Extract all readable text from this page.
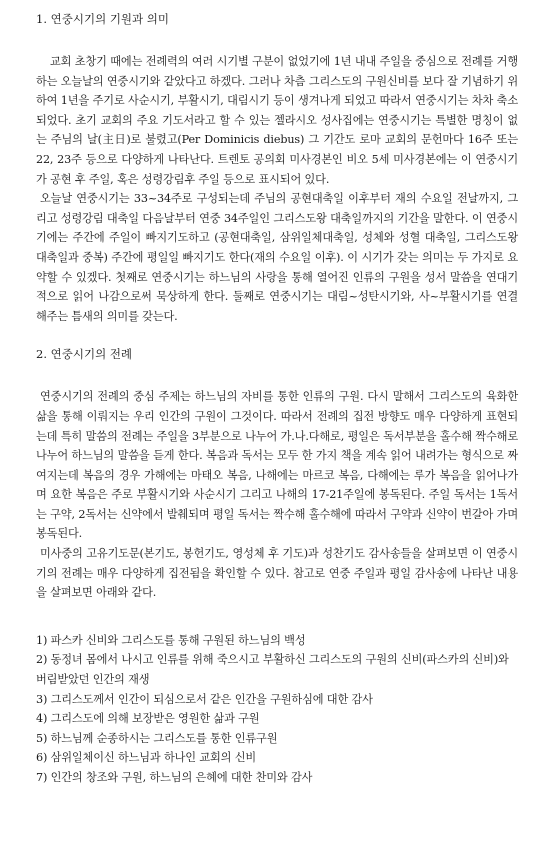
1. 연중시기의 기원과 의미

교회 초창기 때에는 전례력의 여러 시기별 구분이 없었기에 1년 내내 주일을 중심으로 전례를 거행하는 오늘날의 연중시기와 같았다고 하겠다. 그러나 차츰 그리스도의 구원신비를 보다 잘 기념하기 위하여 1년을 주기로 사순시기, 부활시기, 대림시기 등이 생겨나게 되었고 따라서 연중시기는 차차 축소되었다. 초기 교회의 주요 기도서라고 할 수 있는 젤라시오 성사집에는 연중시기는 특별한 명칭이 없는 주님의 날(主日)로 불렸고(Per Dominicis diebus) 그 기간도 로마 교회의 문헌마다 16주 또는 22, 23주 등으로 다양하게 나타난다. 트렌토 공의회 미사경본인 비오 5세 미사경본에는 이 연중시기가 공현 후 주일, 혹은 성령강림후 주일 등으로 표시되어 있다.

오늘날 연중시기는 33~34주로 구성되는데 주님의 공현대축일 이후부터 재의 수요일 전날까지, 그리고 성령강림 대축일 다음날부터 연중 34주일인 그리스도왕 대축일까지의 기간을 말한다. 이 연중시기에는 주간에 주일이 빠지기도하고 (공현대축일, 삼위일체대축일, 성체와 성혈 대축일, 그리스도왕 대축일과 중복) 주간에 평일일 빠지기도 한다(재의 수요일 이후). 이 시기가 갖는 의미는 두 가지로 요약할 수 있겠다. 첫째로 연중시기는 하느님의 사랑을 통해 열어진 인류의 구원을 성서 말씀을 연대기적으로 읽어 나감으로써 묵상하게 한다. 둘째로 연중시기는 대림~성탄시기와, 사~부활시기를 연결해주는 틈새의 의미를 갖는다.

2. 연중시기의 전례

연중시기의 전례의 중심 주제는 하느님의 자비를 통한 인류의 구원. 다시 말해서 그리스도의 육화한 삶을 통해 이뤄지는 우리 인간의 구원이 그것이다. 따라서 전례의 집전 방향도 매우 다양하게 표현되는데 특히 말씀의 전례는 주일을 3부분으로 나누어 가.나.다해로, 평일은 독서부분을 홀수해 짝수해로 나누어 하느님의 말씀을 듣게 한다. 복음과 독서는 모두 한 가지 책을 계속 읽어 내려가는 형식으로 짜여지는데 복음의 경우 가해에는 마태오 복음, 나해에는 마르코 복음, 다해에는 루가 복음을 읽어나가며 요한 복음은 주로 부활시기와 사순시기 그리고 나해의 17-21주일에 봉독된다. 주일 독서는 1독서는 구약, 2독서는 신약에서 발췌되며 평일 독서는 짝수해 홀수해에 따라서 구약과 신약이 번갈아 가며 봉독된다.

미사중의 고유기도문(본기도, 봉헌기도, 영성체 후 기도)과 성찬기도 감사송들을 살펴보면 이 연중시기의 전례는 매우 다양하게 집전됨을 확인할 수 있다. 참고로 연중 주일과 평일 감사송에 나타난 내용을 살펴보면 아래와 같다.

1) 파스카 신비와 그리스도를 통해 구원된 하느님의 백성
2) 동정녀 몸에서 나시고 인류를 위해 죽으시고 부활하신 그리스도의 구원의 신비(파스카의 신비)와 버림받았던 인간의 재생
3) 그리스도께서 인간이 되심으로서 같은 인간을 구원하심에 대한 감사
4) 그리스도에 의해 보장받은 영원한 삶과 구원
5) 하느님께 순종하시는 그리스도를 통한 인류구원
6) 삼위일체이신 하느님과 하나인 교회의 신비
7) 인간의 창조와 구원, 하느님의 은혜에 대한 찬미와 감사
